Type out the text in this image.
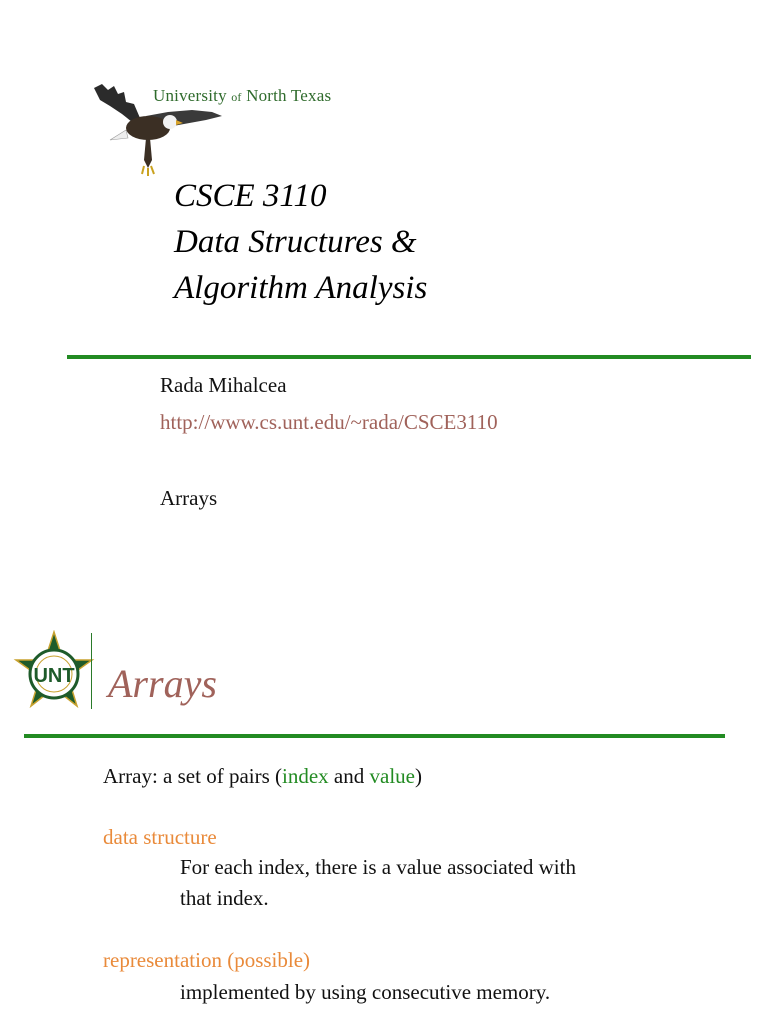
University of North Texas
CSCE 3110
Data Structures &
Algorithm Analysis
Rada Mihalcea
http://www.cs.unt.edu/~rada/CSCE3110
Arrays
UNT Arrays
Array: a set of pairs (index and value)
data structure
For each index, there is a value associated with
that index.
representation (possible)
implemented by using consecutive memory.
